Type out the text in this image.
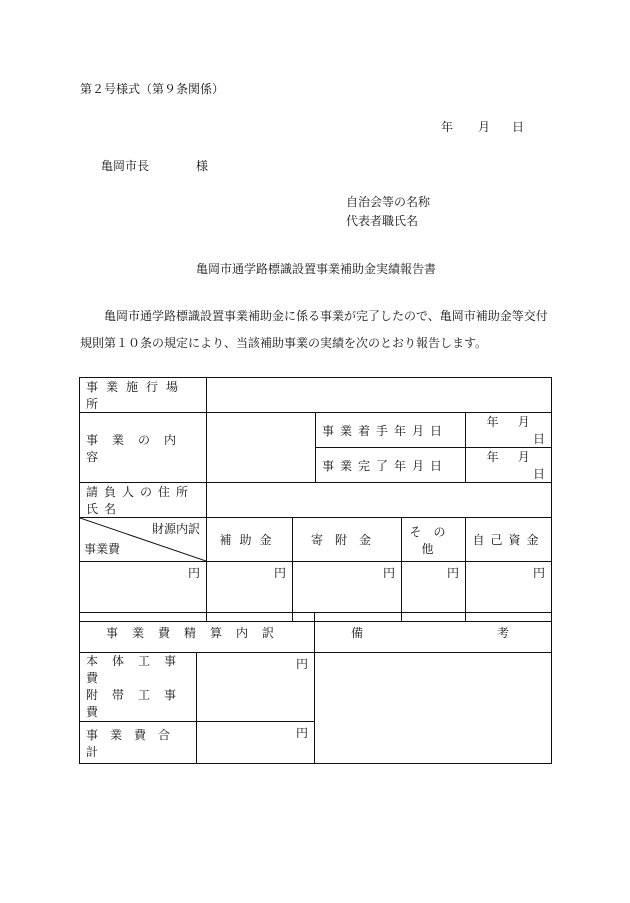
第２号様式（第９条関係）
年 月 日
亀岡市長	様
自治会等の名称
代表者職氏名
亀岡市通学路標識設置事業補助金実績報告書
亀岡市通学路標識設置事業補助金に係る事業が完了したので、亀岡市補助金等交付規則第１０条の規定により、当該補助事業の実績を次のとおり報告します。
事業施行場所					
事業の内容			事業着手年月日		年 月     日
			事業完了年月日		年 月     日
請負人の住所氏名					

財源内訳
事業費	補助金	寄附金		その他	自己資金
円	円	円		円	円
事業費精算内訳		備 考

本体工事費
附帯工事費	円	
事業費合計	円	
